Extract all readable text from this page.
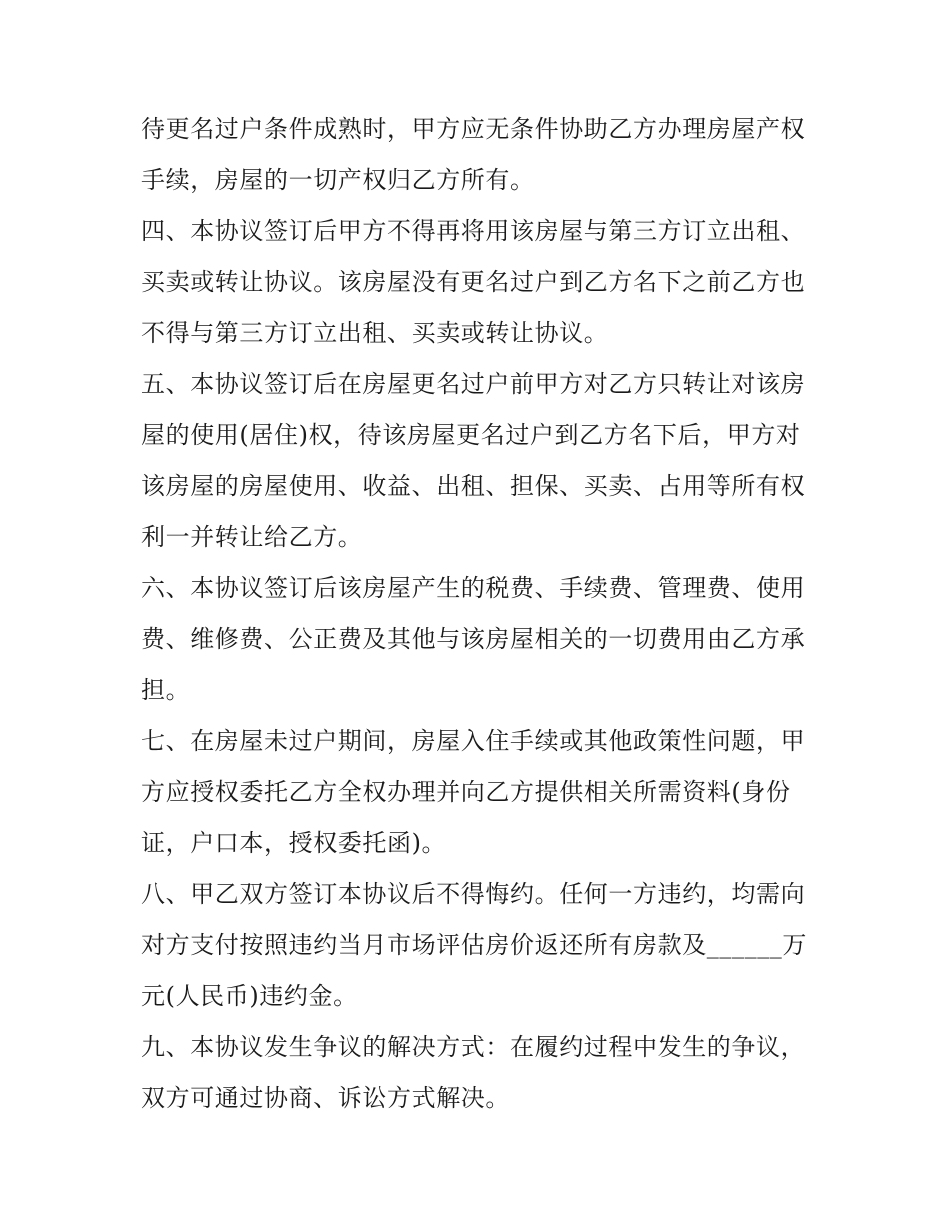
待更名过户条件成熟时，甲方应无条件协助乙方办理房屋产权
手续，房屋的一切产权归乙方所有。
四、本协议签订后甲方不得再将用该房屋与第三方订立出租、
买卖或转让协议。该房屋没有更名过户到乙方名下之前乙方也
不得与第三方订立出租、买卖或转让协议。
五、本协议签订后在房屋更名过户前甲方对乙方只转让对该房
屋的使用(居住)权，待该房屋更名过户到乙方名下后，甲方对
该房屋的房屋使用、收益、出租、担保、买卖、占用等所有权
利一并转让给乙方。
六、本协议签订后该房屋产生的税费、手续费、管理费、使用
费、维修费、公正费及其他与该房屋相关的一切费用由乙方承
担。
七、在房屋未过户期间，房屋入住手续或其他政策性问题，甲
方应授权委托乙方全权办理并向乙方提供相关所需资料(身份
证，户口本，授权委托函)。
八、甲乙双方签订本协议后不得悔约。任何一方违约，均需向
对方支付按照违约当月市场评估房价返还所有房款及______万
元(人民币)违约金。
九、本协议发生争议的解决方式：在履约过程中发生的争议，
双方可通过协商、诉讼方式解决。
